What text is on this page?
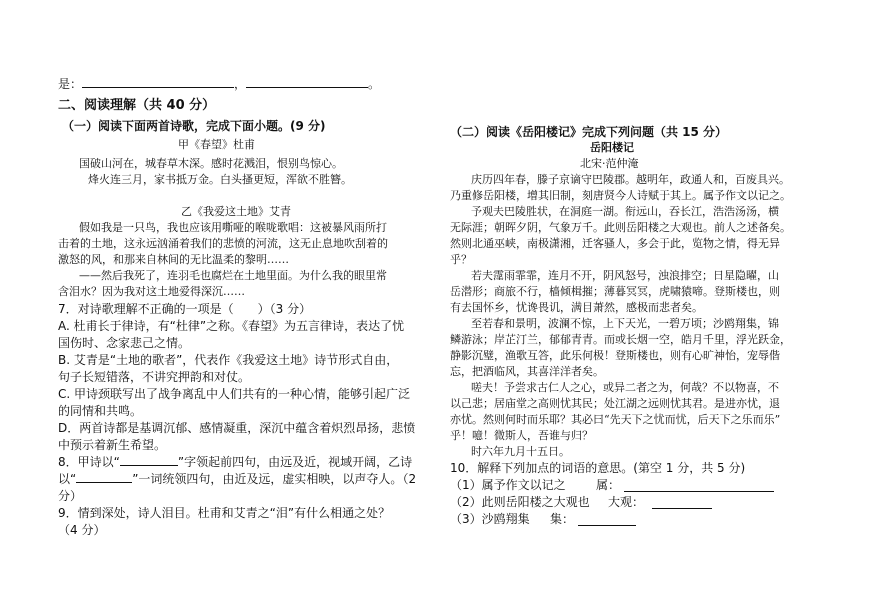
是：	，	。
二、阅读理解（共 40 分）
（一）阅读下面两首诗歌，完成下面小题。(9 分)
甲《春望》杜甫
国破山河在，城春草木深。感时花溅泪，恨别鸟惊心。
烽火连三月，家书抵万金。白头搔更短，浑欲不胜簪。
乙《我爱这土地》艾青
假如我是一只鸟，我也应该用嘶哑的喉咙歌唱：这被暴风雨所打
击着的土地，这永远汹涌着我们的悲愤的河流，这无止息地吹刮着的
激怒的风，和那来自林间的无比温柔的黎明……
——然后我死了，连羽毛也腐烂在土地里面。为什么我的眼里常
含泪水？因为我对这土地爱得深沉……
7．对诗歌理解不正确的一项是（　　）（3 分）
A. 杜甫长于律诗，有“杜律”之称。《春望》为五言律诗，表达了忧
国伤时、念家悲己之情。
B. 艾青是“土地的歌者”，代表作《我爱这土地》诗节形式自由，
句子长短错落，不讲究押韵和对仗。
C. 甲诗颈联写出了战争离乱中人们共有的一种心情，能够引起广泛
的同情和共鸣。
D．两首诗都是基调沉郁、感情凝重，深沉中蕴含着炽烈昂扬，悲愤
中预示着新生希望。
8．甲诗以“	”字领起前四句，由远及近，视域开阔，乙诗
以“	”一词统领四句，由近及远，虚实相映，以声夺人。（2
分）
9．情到深处，诗人泪目。杜甫和艾青之“泪”有什么相通之处？
（4 分）
（二）阅读《岳阳楼记》完成下列问题（共 15 分）
岳阳楼记
北宋·范仲淹
庆历四年春，滕子京谪守巴陵郡。越明年，政通人和，百废具兴。
乃重修岳阳楼，增其旧制，刻唐贤今人诗赋于其上。属予作文以记之。
予观夫巴陵胜状，在洞庭一湖。衔远山，吞长江，浩浩汤汤，横
无际涯；朝晖夕阴，气象万千。此则岳阳楼之大观也。前人之述备矣。
然则北通巫峡，南极潇湘，迁客骚人，多会于此，览物之情，得无异
乎？
若夫霪雨霏霏，连月不开，阴风怒号，浊浪排空；日星隐曜，山
岳潜形；商旅不行，樯倾楫摧；薄暮冥冥，虎啸猿啼。登斯楼也，则
有去国怀乡，忧谗畏讥，满目萧然，感极而悲者矣。
至若春和景明，波澜不惊，上下天光，一碧万顷；沙鸥翔集，锦
鳞游泳；岸芷汀兰，郁郁青青。而或长烟一空，皓月千里，浮光跃金，
静影沉璧，渔歌互答，此乐何极！登斯楼也，则有心旷神怡，宠辱偕
忘，把酒临风，其喜洋洋者矣。
嗟夫！予尝求古仁人之心，或异二者之为，何哉？不以物喜，不
以己悲；居庙堂之高则忧其民；处江湖之远则忧其君。是进亦忧，退
亦忧。然则何时而乐耶？其必曰“先天下之忧而忧，后天下之乐而乐”
乎！噫！微斯人，吾谁与归？
时六年九月十五日。
10．解释下列加点的词语的意思。(第空 1 分，共 5 分)
（1）属予作文以记之	属：
（2）此则岳阳楼之大观也 大观：
（3）沙鸥翔集 集：
